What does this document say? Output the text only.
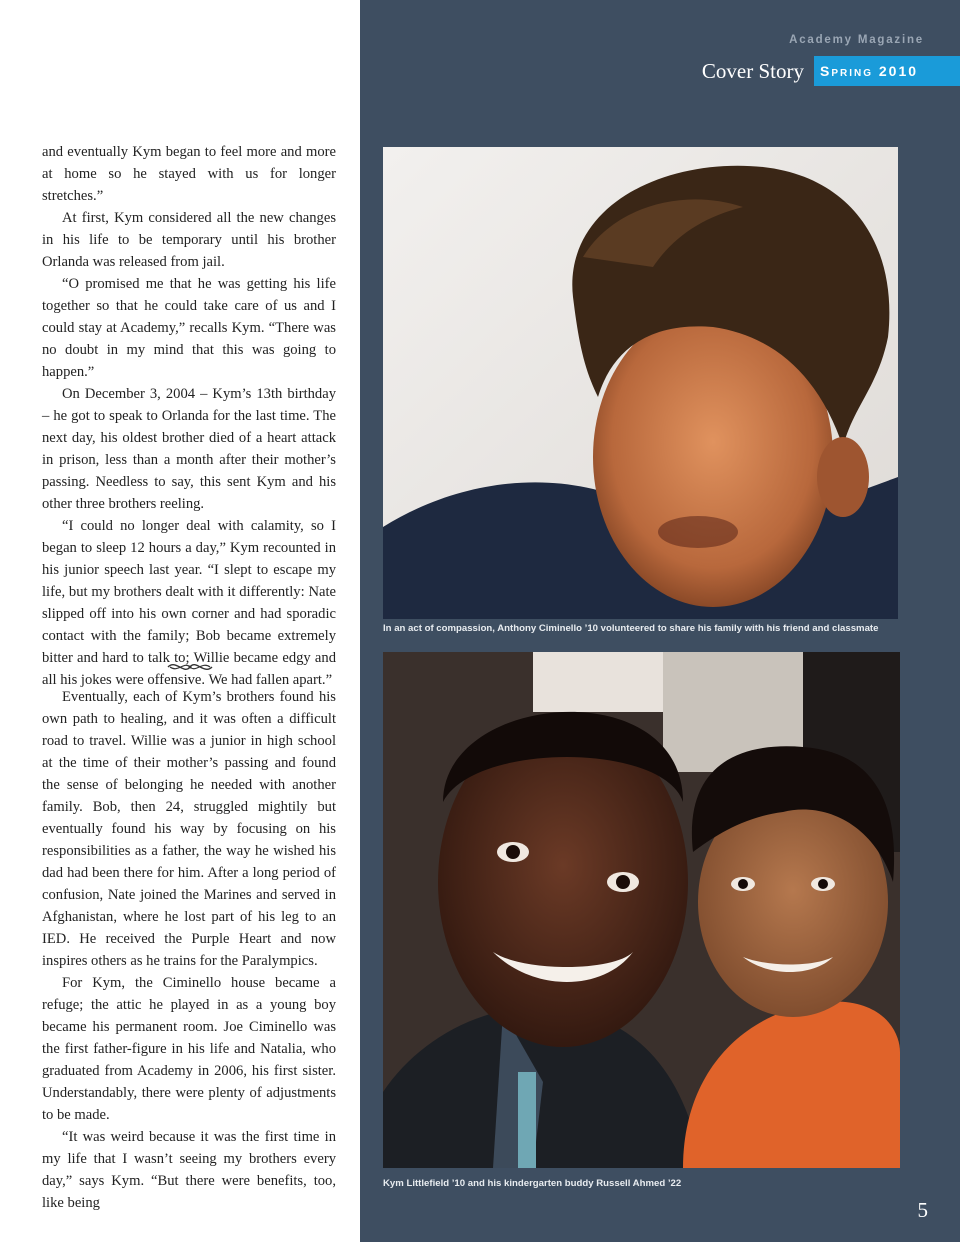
and eventually Kym began to feel more and more at home so he stayed with us for longer stretches.”

At first, Kym considered all the new changes in his life to be temporary until his brother Orlanda was released from jail.

“O promised me that he was getting his life together so that he could take care of us and I could stay at Academy,” recalls Kym. “There was no doubt in my mind that this was going to happen.”

On December 3, 2004 – Kym’s 13th birthday – he got to speak to Orlanda for the last time. The next day, his oldest brother died of a heart attack in prison, less than a month after their mother’s passing. Needless to say, this sent Kym and his other three brothers reeling.

“I could no longer deal with calamity, so I began to sleep 12 hours a day,” Kym recounted in his junior speech last year. “I slept to escape my life, but my brothers dealt with it differently: Nate slipped off into his own corner and had sporadic contact with the family; Bob became extremely bitter and hard to talk to; Willie became edgy and all his jokes were offensive. We had fallen apart.”

Eventually, each of Kym’s brothers found his own path to healing, and it was often a difficult road to travel. Willie was a junior in high school at the time of their mother’s passing and found the sense of belonging he needed with another family. Bob, then 24, struggled mightily but eventually found his way by focusing on his responsibilities as a father, the way he wished his dad had been there for him. After a long period of confusion, Nate joined the Marines and served in Afghanistan, where he lost part of his leg to an IED. He received the Purple Heart and now inspires others as he trains for the Paralympics.

For Kym, the Ciminello house became a refuge; the attic he played in as a young boy became his permanent room. Joe Ciminello was the first father-figure in his life and Natalia, who graduated from Academy in 2006, his first sister. Understandably, there were plenty of adjustments to be made.

“It was weird because it was the first time in my life that I wasn’t seeing my brothers every day,” says Kym. “But there were benefits, too, like being

Academy Magazine
Cover Story	Spring 2010
5
In an act of compassion, Anthony Ciminello ’10 volunteered to share his family with his friend and classmate
Kym Littlefield ’10 and his kindergarten buddy Russell Ahmed ’22
